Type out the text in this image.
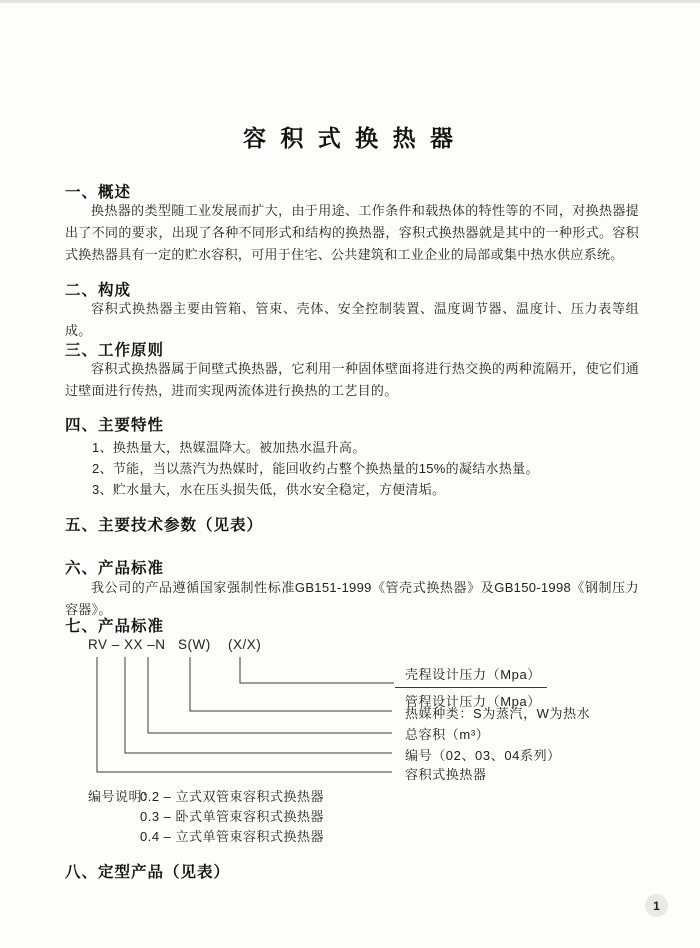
容 积 式 换 热 器
一、概述
换热器的类型随工业发展而扩大，由于用途、工作条件和载热体的特性等的不同，对换热器提出了不同的要求，出现了各种不同形式和结构的换热器，容积式换热器就是其中的一种形式。容积式换热器具有一定的贮水容积，可用于住宅、公共建筑和工业企业的局部或集中热水供应系统。
二、构成
容积式换热器主要由管箱、管束、壳体、安全控制装置、温度调节器、温度计、压力表等组成。
三、工作原则
容积式换热器属于间壁式换热器，它利用一种固体壁面将进行热交换的两种流隔开，使它们通过壁面进行传热，进而实现两流体进行换热的工艺目的。
四、主要特性
1、换热量大，热媒温降大。被加热水温升高。
2、节能，当以蒸汽为热媒时，能回收约占整个换热量的15%的凝结水热量。
3、贮水量大，水在压头损失低，供水安全稳定，方便清垢。
五、主要技术参数（见表）
六、产品标准
我公司的产品遵循国家强制性标准GB151-1999《管壳式换热器》及GB150-1998《钢制压力容器》。
七、产品标准
RV – XX –N S(W) (X/X)
壳程设计压力（Mpa）
管程设计压力（Mpa）
热媒种类：S为蒸汽，W为热水
总容积（m³）
编号（02、03、04系列）
容积式换热器
编号说明：
0.2 – 立式双管束容积式换热器
0.3 – 卧式单管束容积式换热器
0.4 – 立式单管束容积式换热器
八、定型产品（见表）
1
